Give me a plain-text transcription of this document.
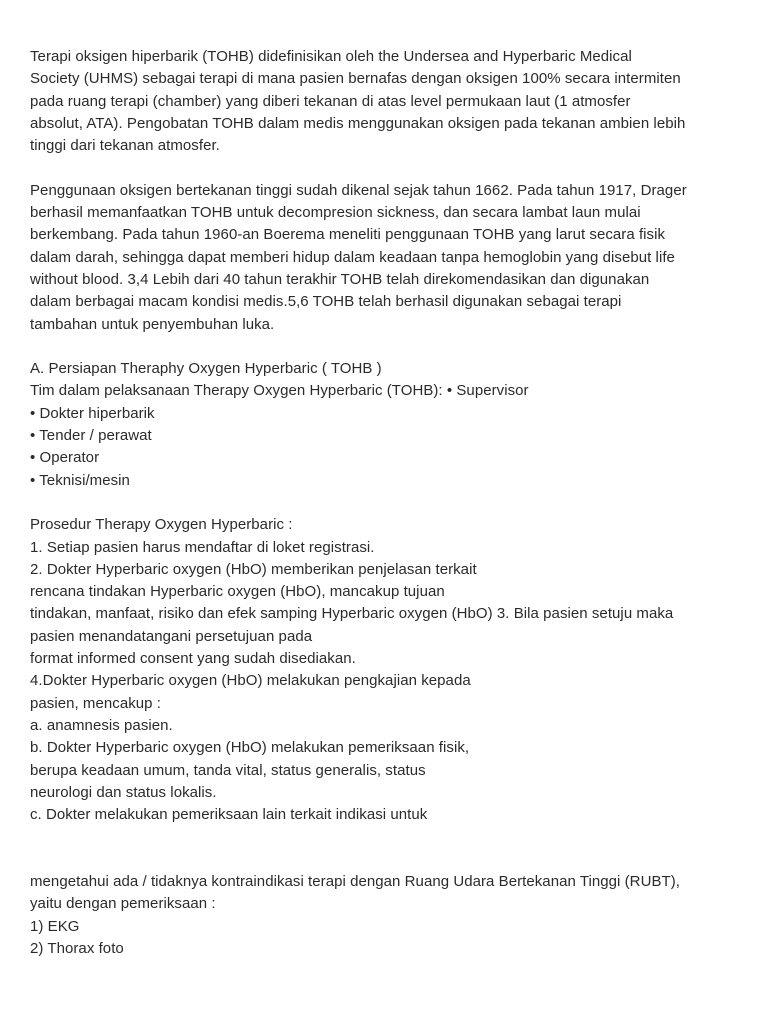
Terapi oksigen hiperbarik (TOHB) didefinisikan oleh the Undersea and Hyperbaric Medical
Society (UHMS) sebagai terapi di mana pasien bernafas dengan oksigen 100% secara intermiten
pada ruang terapi (chamber) yang diberi tekanan di atas level permukaan laut (1 atmosfer
absolut, ATA). Pengobatan TOHB dalam medis menggunakan oksigen pada tekanan ambien lebih
tinggi dari tekanan atmosfer.
Penggunaan oksigen bertekanan tinggi sudah dikenal sejak tahun 1662. Pada tahun 1917, Drager
berhasil memanfaatkan TOHB untuk decompresion sickness, dan secara lambat laun mulai
berkembang. Pada tahun 1960-an Boerema meneliti penggunaan TOHB yang larut secara fisik
dalam darah, sehingga dapat memberi hidup dalam keadaan tanpa hemoglobin yang disebut life
without blood. 3,4 Lebih dari 40 tahun terakhir TOHB telah direkomendasikan dan digunakan
dalam berbagai macam kondisi medis.5,6 TOHB telah berhasil digunakan sebagai terapi
tambahan untuk penyembuhan luka.
A. Persiapan Theraphy Oxygen Hyperbaric ( TOHB )
Tim dalam pelaksanaan Therapy Oxygen Hyperbaric (TOHB): • Supervisor
• Dokter hiperbarik
• Tender / perawat
• Operator
• Teknisi/mesin
Prosedur Therapy Oxygen Hyperbaric :
1. Setiap pasien harus mendaftar di loket registrasi.
2. Dokter Hyperbaric oxygen (HbO) memberikan penjelasan terkait
rencana tindakan Hyperbaric oxygen (HbO), mancakup tujuan
tindakan, manfaat, risiko dan efek samping Hyperbaric oxygen (HbO) 3. Bila pasien setuju maka
pasien menandatangani persetujuan pada
format informed consent yang sudah disediakan.
4.Dokter Hyperbaric oxygen (HbO) melakukan pengkajian kepada
pasien, mencakup :
a. anamnesis pasien.
b. Dokter Hyperbaric oxygen (HbO) melakukan pemeriksaan fisik,
berupa keadaan umum, tanda vital, status generalis, status
neurologi dan status lokalis.
c. Dokter melakukan pemeriksaan lain terkait indikasi untuk
mengetahui ada / tidaknya kontraindikasi terapi dengan Ruang Udara Bertekanan Tinggi (RUBT),
yaitu dengan pemeriksaan :
1) EKG
2) Thorax foto
